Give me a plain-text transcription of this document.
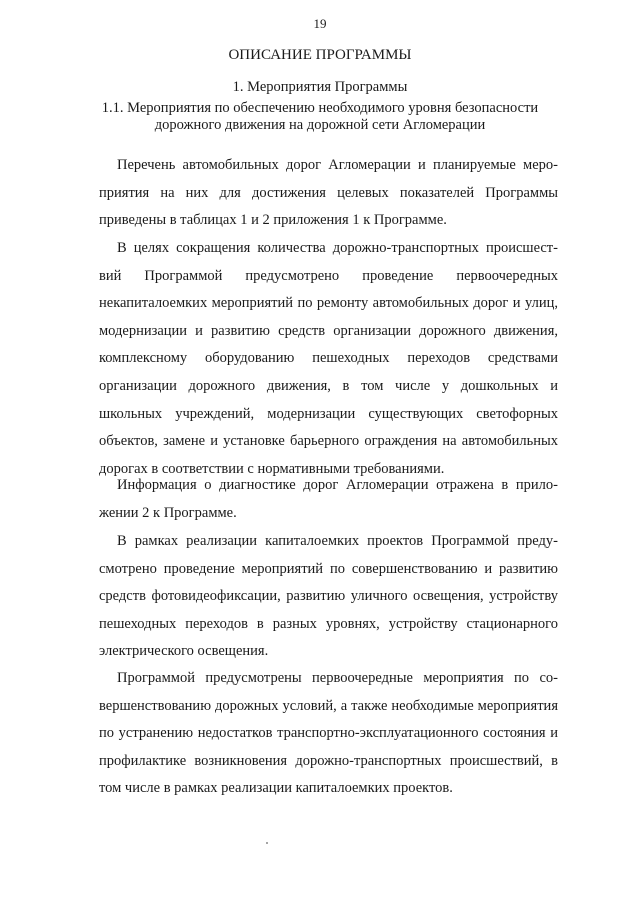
19
ОПИСАНИЕ ПРОГРАММЫ
1. Мероприятия Программы
1.1. Мероприятия по обеспечению необходимого уровня безопасности
дорожного движения на дорожной сети Агломерации

Перечень автомобильных дорог Агломерации и планируемые мероприятия на них для достижения целевых показателей Программы приведены в таблицах 1 и 2 приложения 1 к Программе.

В целях сокращения количества дорожно-транспортных происшествий Программой предусмотрено проведение первоочередных некапиталоемких мероприятий по ремонту автомобильных дорог и улиц, модернизации и развитию средств организации дорожного движения, комплексному оборудованию пешеходных переходов средствами организации дорожного движения, в том числе у дошкольных и школьных учреждений, модернизации существующих светофорных объектов, замене и установке барьерного ограждения на автомобильных дорогах в соответствии с нормативными требованиями.

Информация о диагностике дорог Агломерации отражена в приложении 2 к Программе.

В рамках реализации капиталоемких проектов Программой предусмотрено проведение мероприятий по совершенствованию и развитию средств фотовидеофиксации, развитию уличного освещения, устройству пешеходных переходов в разных уровнях, устройству стационарного электрического освещения.

Программой предусмотрены первоочередные мероприятия по совершенствованию дорожных условий, а также необходимые мероприятия по устранению недостатков транспортно-эксплуатационного состояния и профилактике возникновения дорожно-транспортных происшествий, в том числе в рамках реализации капиталоемких проектов.
